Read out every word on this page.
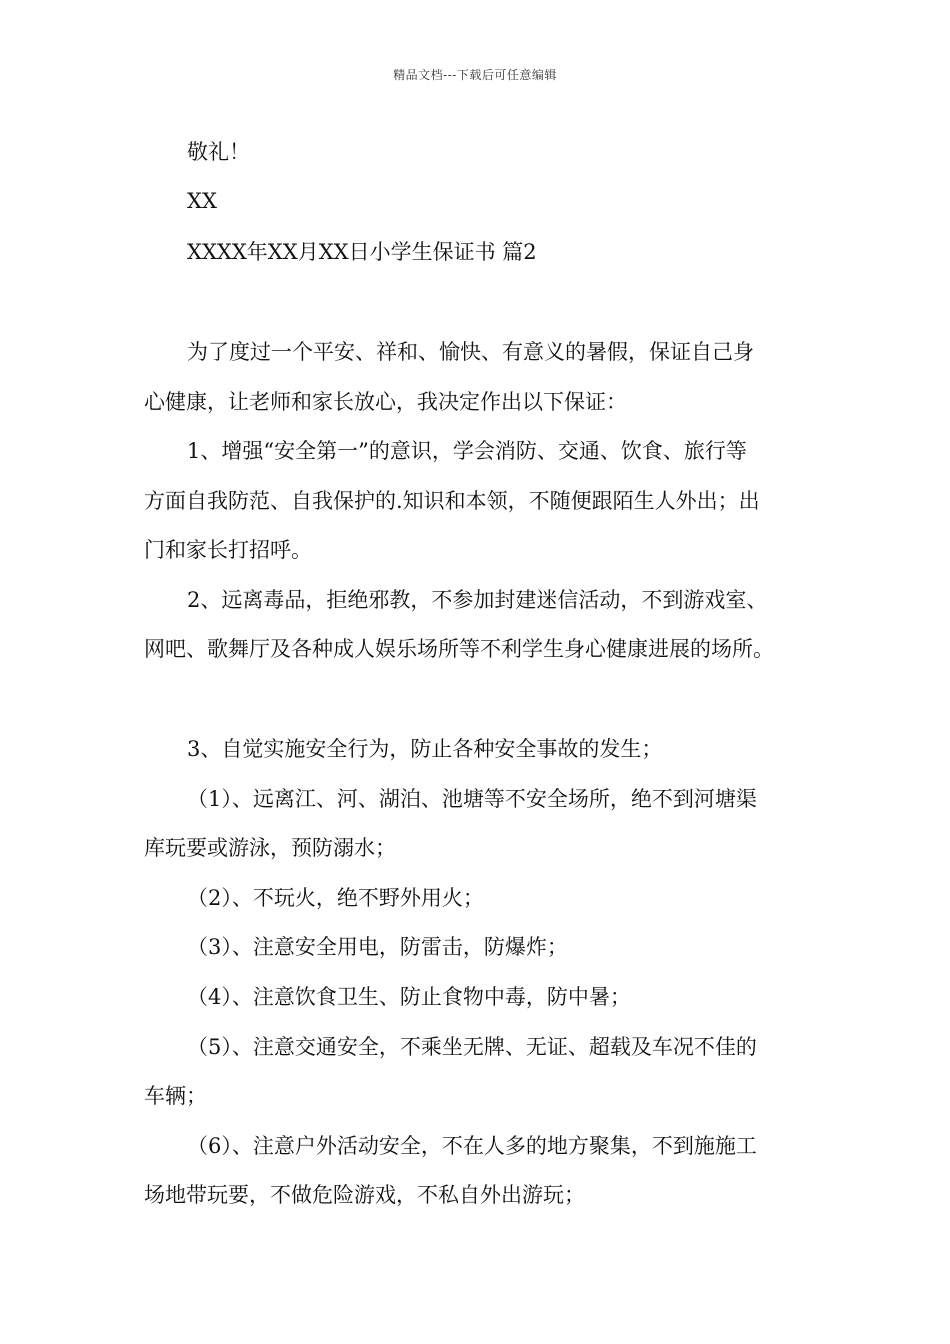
精品文档---下载后可任意编辑
敬礼！
XX
XXXX年XX月XX日小学生保证书 篇2
为了度过一个平安、祥和、愉快、有意义的暑假，保证自己身
心健康，让老师和家长放心，我决定作出以下保证：
1、增强“安全第一”的意识，学会消防、交通、饮食、旅行等
方面自我防范、自我保护的.知识和本领，不随便跟陌生人外出；出
门和家长打招呼。
2、远离毒品，拒绝邪教，不参加封建迷信活动，不到游戏室、
网吧、歌舞厅及各种成人娱乐场所等不利学生身心健康进展的场所。
3、自觉实施安全行为，防止各种安全事故的发生；
（1）、远离江、河、湖泊、池塘等不安全场所，绝不到河塘渠
库玩要或游泳，预防溺水；
（2）、不玩火，绝不野外用火；
（3）、注意安全用电，防雷击，防爆炸；
（4）、注意饮食卫生、防止食物中毒，防中暑；
（5）、注意交通安全，不乘坐无牌、无证、超载及车况不佳的
车辆；
（6）、注意户外活动安全，不在人多的地方聚集，不到施施工
场地带玩要，不做危险游戏，不私自外出游玩；
